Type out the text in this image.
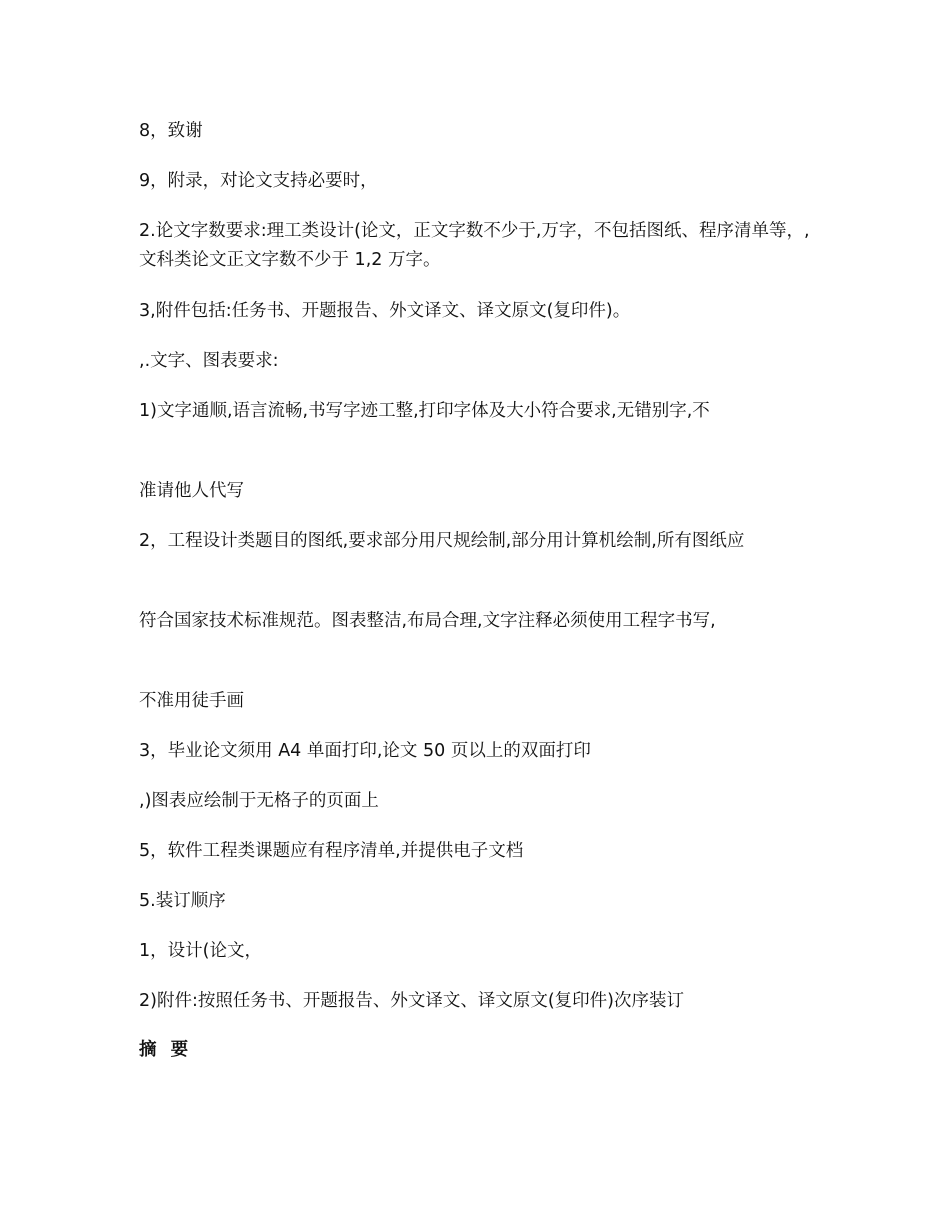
8，致谢
9，附录，对论文支持必要时，
2.论文字数要求:理工类设计(论文，正文字数不少于,万字，不包括图纸、程序清单等，,文科类论文正文字数不少于 1,2 万字。
3,附件包括:任务书、开题报告、外文译文、译文原文(复印件)。
,.文字、图表要求:
1)文字通顺,语言流畅,书写字迹工整,打印字体及大小符合要求,无错别字,不
准请他人代写
2，工程设计类题目的图纸,要求部分用尺规绘制,部分用计算机绘制,所有图纸应
符合国家技术标准规范。图表整洁,布局合理,文字注释必须使用工程字书写,
不准用徒手画
3，毕业论文须用 A4 单面打印,论文 50 页以上的双面打印
,)图表应绘制于无格子的页面上
5，软件工程类课题应有程序清单,并提供电子文档
5.装订顺序
1，设计(论文，
2)附件:按照任务书、开题报告、外文译文、译文原文(复印件)次序装订
摘 要
